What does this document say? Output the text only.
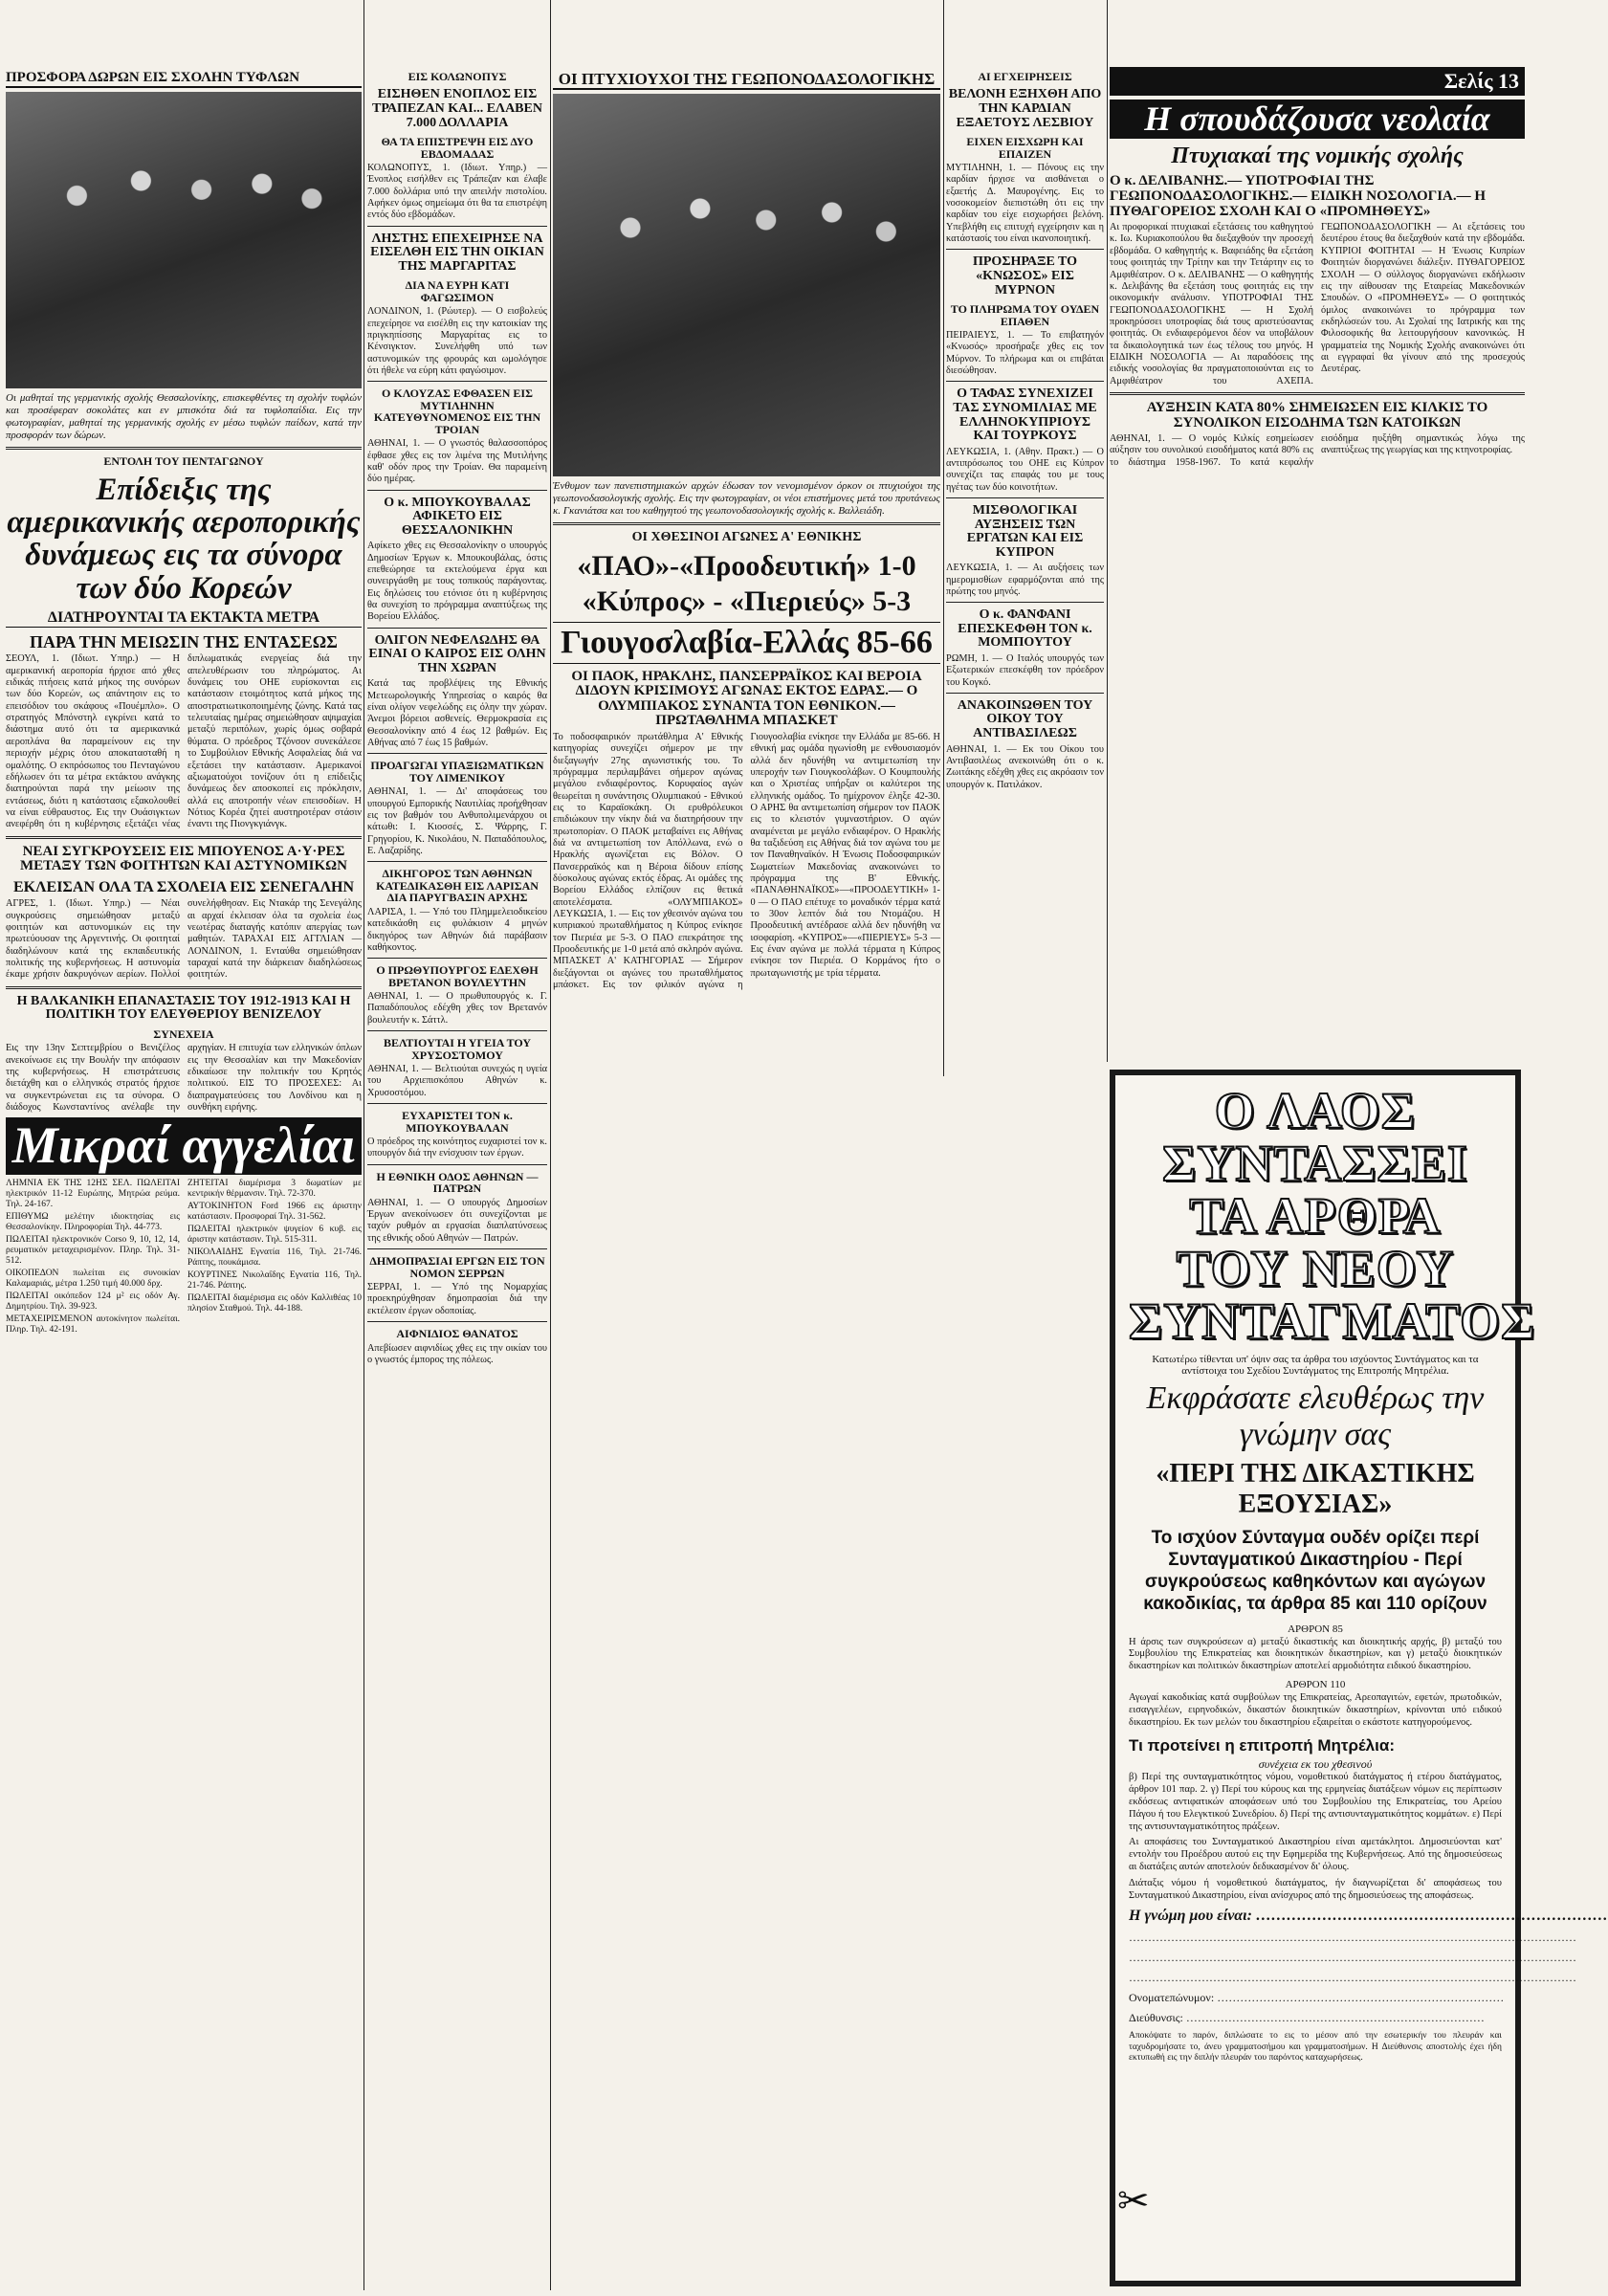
ΠΡΟΣΦΟΡΑ ΔΩΡΩΝ ΕΙΣ ΣΧΟΛΗΝ ΤΥΦΛΩΝ
Οι μαθηταί της γερμανικής σχολής Θεσσαλονίκης, επισκεφθέντες τη σχολήν τυφλών και προσέφεραν σοκολάτες και εν μπισκότα διά τα τυφλοπαίδια. Εις την φωτογραφίαν, μαθηταί της γερμανικής σχολής εν μέσω τυφλών παίδων, κατά την προσφοράν των δώρων.
ΕΝΤΟΛΗ ΤΟΥ ΠΕΝΤΑΓΩΝΟΥ
Επίδειξις της αμερικανικής αεροπορικής δυνάμεως εις τα σύνορα των δύο Κορεών
ΔΙΑΤΗΡΟΥΝΤΑΙ ΤΑ ΕΚΤΑΚΤΑ ΜΕΤΡΑ
ΠΑΡΑ ΤΗΝ ΜΕΙΩΣΙΝ ΤΗΣ ΕΝΤΑΣΕΩΣ

ΣΕΟΥΛ, 1. (Ιδιωτ. Υπηρ.) — Η αμερικανική αεροπορία ήρχισε από χθες ειδικάς πτήσεις κατά μήκος της συνόρων των δύο Κορεών, ως απάντησιν εις το επεισόδιον του σκάφους «Πουέμπλο». Ο στρατηγός Μπόνστηλ εγκρίνει κατά το διάστημα αυτό ότι τα αμερικανικά αεροπλάνα θα παραμείνουν εις την περιοχήν μέχρις ότου αποκατασταθή η ομαλότης. Ο εκπρόσωπος του Πενταγώνου εδήλωσεν ότι τα μέτρα εκτάκτου ανάγκης διατηρούνται παρά την μείωσιν της εντάσεως, διότι η κατάστασις εξακολουθεί να είναι εύθραυστος. Εις την Ουάσιγκτων ανεφέρθη ότι η κυβέρνησις εξετάζει νέας διπλωματικάς ενεργείας διά την απελευθέρωσιν του πληρώματος. Αι δυνάμεις του ΟΗΕ ευρίσκονται εις κατάστασιν ετοιμότητος κατά μήκος της αποστρατιωτικοποιημένης ζώνης. Κατά τας τελευταίας ημέρας σημειώθησαν αψιμαχίαι μεταξύ περιπόλων, χωρίς όμως σοβαρά θύματα. Ο πρόεδρος Τζόνσον συνεκάλεσε το Συμβούλιον Εθνικής Ασφαλείας διά να εξετάσει την κατάστασιν. Αμερικανοί αξιωματούχοι τονίζουν ότι η επίδειξις δυνάμεως δεν αποσκοπεί εις πρόκλησιν, αλλά εις αποτροπήν νέων επεισοδίων. Η Νότιος Κορέα ζητεί αυστηροτέραν στάσιν έναντι της Πιονγκγιάνγκ.

ΝΕΑΙ ΣΥΓΚΡΟΥΣΕΙΣ ΕΙΣ ΜΠΟΥΕΝΟΣ Α·Υ·ΡΕΣ ΜΕΤΑΞΥ ΤΩΝ ΦΟΙΤΗΤΩΝ ΚΑΙ ΑΣΤΥΝΟΜΙΚΩΝ
ΕΚΛΕΙΣΑΝ ΟΛΑ ΤΑ ΣΧΟΛΕΙΑ ΕΙΣ ΣΕΝΕΓΑΛΗΝ

ΑΓΡΕΣ, 1. (Ιδιωτ. Υπηρ.) — Νέαι συγκρούσεις σημειώθησαν μεταξύ φοιτητών και αστυνομικών εις την πρωτεύουσαν της Αργεντινής. Οι φοιτηταί διαδηλώνουν κατά της εκπαιδευτικής πολιτικής της κυβερνήσεως. Η αστυνομία έκαμε χρήσιν δακρυγόνων αερίων. Πολλοί συνελήφθησαν. Εις Ντακάρ της Σενεγάλης αι αρχαί έκλεισαν όλα τα σχολεία έως νεωτέρας διαταγής κατόπιν απεργίας των μαθητών. ΤΑΡΑΧΑΙ ΕΙΣ ΑΓΓΛΙΑΝ — ΛΟΝΔΙΝΟΝ, 1. Ενταύθα σημειώθησαν ταραχαί κατά την διάρκειαν διαδηλώσεως φοιτητών.

Η ΒΑΛΚΑΝΙΚΗ ΕΠΑΝΑΣΤΑΣΙΣ ΤΟΥ 1912-1913 ΚΑΙ Η ΠΟΛΙΤΙΚΗ ΤΟΥ ΕΛΕΥΘΕΡΙΟΥ ΒΕΝΙΖΕΛΟΥ
ΣΥΝΕΧΕΙΑ

Εις την 13ην Σεπτεμβρίου ο Βενιζέλος ανεκοίνωσε εις την Βουλήν την απόφασιν της κυβερνήσεως. Η επιστράτευσις διετάχθη και ο ελληνικός στρατός ήρχισε να συγκεντρώνεται εις τα σύνορα. Ο διάδοχος Κωνσταντίνος ανέλαβε την αρχηγίαν. Η επιτυχία των ελληνικών όπλων εις την Θεσσαλίαν και την Μακεδονίαν εδικαίωσε την πολιτικήν του Κρητός πολιτικού. ΕΙΣ ΤΟ ΠΡΟΣΕΧΕΣ: Αι διαπραγματεύσεις του Λονδίνου και η συνθήκη ειρήνης.

Μικραί αγγελίαι

ΛΗΜΝΙΑ ΕΚ ΤΗΣ 12ΗΣ ΣΕΛ. ΠΩΛΕΙΤΑΙ ηλεκτρικόν 11-12 Ευρώπης, Μητρώα ρεύμα. Τηλ. 24-167.

ΕΠΙΘΥΜΩ μελέτην ιδιοκτησίας εις Θεσσαλονίκην. Πληροφορίαι Τηλ. 44-773.

ΠΩΛΕΙΤΑΙ ηλεκτρονικόν Corso 9, 10, 12, 14, ρευματικόν μεταχειρισμένον. Πληρ. Τηλ. 31-512.

ΟΙΚΟΠΕΔΟΝ πωλείται εις συνοικίαν Καλαμαριάς, μέτρα 1.250 τιμή 40.000 δρχ.

ΠΩΛΕΙΤΑΙ οικόπεδον 124 μ² εις οδόν Αγ. Δημητρίου. Τηλ. 39-923.

ΜΕΤΑΧΕΙΡΙΣΜΕΝΟΝ αυτοκίνητον πωλείται. Πληρ. Τηλ. 42-191.

ΖΗΤΕΙΤΑΙ διαμέρισμα 3 δωματίων με κεντρικήν θέρμανσιν. Τηλ. 72-370.

ΑΥΤΟΚΙΝΗΤΟΝ Ford 1966 εις άριστην κατάστασιν. Προσφοραί Τηλ. 31-562.

ΠΩΛΕΙΤΑΙ ηλεκτρικόν ψυγείον 6 κυβ. εις άριστην κατάστασιν. Τηλ. 515-311.

ΝΙΚΟΛΑΙΔΗΣ Εγνατία 116, Τηλ. 21-746. Ράπτης, πουκάμισα.

ΚΟΥΡΤΙΝΕΣ Νικολαΐδης Εγνατία 116, Τηλ. 21-746. Ράπτης.

ΠΩΛΕΙΤΑΙ διαμέρισμα εις οδόν Καλλιθέας 10 πλησίον Σταθμού. Τηλ. 44-188.

ΕΙΣ ΚΟΛΩΝΟΠΥΣ
ΕΙΣΗΘΕΝ ΕΝΟΠΛΟΣ ΕΙΣ ΤΡΑΠΕΖΑΝ ΚΑΙ... ΕΛΑΒΕΝ 7.000 ΔΟΛΛΑΡΙΑ
ΘΑ ΤΑ ΕΠΙΣΤΡΕΨΗ ΕΙΣ ΔΥΟ ΕΒΔΟΜΑΔΑΣ

ΚΟΛΩΝΟΠΥΣ, 1. (Ιδιωτ. Υπηρ.) — Ένοπλος εισήλθεν εις Τράπεζαν και έλαβε 7.000 δολλάρια υπό την απειλήν πιστολίου. Αφήκεν όμως σημείωμα ότι θα τα επιστρέψη εντός δύο εβδομάδων.

ΛΗΣΤΗΣ ΕΠΕΧΕΙΡΗΣΕ ΝΑ ΕΙΣΕΛΘΗ ΕΙΣ ΤΗΝ ΟΙΚΙΑΝ ΤΗΣ ΜΑΡΓΑΡΙΤΑΣ
ΔΙΑ ΝΑ ΕΥΡΗ ΚΑΤΙ ΦΑΓΩΣΙΜΟΝ

ΛΟΝΔΙΝΟΝ, 1. (Ρώυτερ). — Ο εισβολεύς επεχείρησε να εισέλθη εις την κατοικίαν της πριγκηπίσσης Μαργαρίτας εις το Κένσιγκτον. Συνελήφθη υπό των αστυνομικών της φρουράς και ωμολόγησε ότι ήθελε να εύρη κάτι φαγώσιμον.

Ο ΚΛΟΥΖΑΣ ΕΦΘΑΣΕΝ ΕΙΣ ΜΥΤΙΛΗΝΗΝ ΚΑΤΕΥΘΥΝΟΜΕΝΟΣ ΕΙΣ ΤΗΝ ΤΡΟΙΑΝ

ΑΘΗΝΑΙ, 1. — Ο γνωστός θαλασσοπόρος έφθασε χθες εις τον λιμένα της Μυτιλήνης καθ' οδόν προς την Τροίαν. Θα παραμείνη δύο ημέρας.

Ο κ. ΜΠΟΥΚΟΥΒΑΛΑΣ ΑΦΙΚΕΤΟ ΕΙΣ ΘΕΣΣΑΛΟΝΙΚΗΝ

Αφίκετο χθες εις Θεσσαλονίκην ο υπουργός Δημοσίων Έργων κ. Μπουκουβάλας, όστις επεθεώρησε τα εκτελούμενα έργα και συνειργάσθη με τους τοπικούς παράγοντας. Εις δηλώσεις του ετόνισε ότι η κυβέρνησις θα συνεχίση το πρόγραμμα αναπτύξεως της Βορείου Ελλάδος.

ΟΛΙΓΟΝ ΝΕΦΕΛΩΔΗΣ ΘΑ ΕΙΝΑΙ Ο ΚΑΙΡΟΣ ΕΙΣ ΟΛΗΝ ΤΗΝ ΧΩΡΑΝ

Κατά τας προβλέψεις της Εθνικής Μετεωρολογικής Υπηρεσίας ο καιρός θα είναι ολίγον νεφελώδης εις όλην την χώραν. Άνεμοι βόρειοι ασθενείς. Θερμοκρασία εις Θεσσαλονίκην από 4 έως 12 βαθμών. Εις Αθήνας από 7 έως 15 βαθμών.

ΠΡΟΑΓΩΓΑΙ ΥΠΑΞΙΩΜΑΤΙΚΩΝ ΤΟΥ ΛΙΜΕΝΙΚΟΥ

ΑΘΗΝΑΙ, 1. — Δι' αποφάσεως του υπουργού Εμπορικής Ναυτιλίας προήχθησαν εις τον βαθμόν του Ανθυπολιμενάρχου οι κάτωθι: Ι. Κιοσσές, Σ. Ψάρρης, Γ. Γρηγορίου, Κ. Νικολάου, Ν. Παπαδόπουλος, Ε. Λαζαρίδης.

ΔΙΚΗΓΟΡΟΣ ΤΩΝ ΑΘΗΝΩΝ ΚΑΤΕΔΙΚΑΣΘΗ ΕΙΣ ΛΑΡΙΣΑΝ ΔΙΑ ΠΑΡΥΓΒΑΣΙΝ ΑΡΧΗΣ

ΛΑΡΙΣΑ, 1. — Υπό του Πλημμελειοδικείου κατεδικάσθη εις φυλάκισιν 4 μηνών δικηγόρος των Αθηνών διά παράβασιν καθήκοντος.

Ο ΠΡΩΘΥΠΟΥΡΓΟΣ ΕΔΕΧΘΗ ΒΡΕΤΑΝΟΝ ΒΟΥΛΕΥΤΗΝ

ΑΘΗΝΑΙ, 1. — Ο πρωθυπουργός κ. Γ. Παπαδόπουλος εδέχθη χθες τον Βρετανόν βουλευτήν κ. Σάττλ.

ΒΕΛΤΙΟΥΤΑΙ Η ΥΓΕΙΑ ΤΟΥ ΧΡΥΣΟΣΤΟΜΟΥ

ΑΘΗΝΑΙ, 1. — Βελτιούται συνεχώς η υγεία του Αρχιεπισκόπου Αθηνών κ. Χρυσοστόμου.

ΕΥΧΑΡΙΣΤΕΙ ΤΟΝ κ. ΜΠΟΥΚΟΥΒΑΛΑΝ

Ο πρόεδρος της κοινότητος ευχαριστεί τον κ. υπουργόν διά την ενίσχυσιν των έργων.

Η ΕΘΝΙΚΗ ΟΔΟΣ ΑΘΗΝΩΝ — ΠΑΤΡΩΝ

ΑΘΗΝΑΙ, 1. — Ο υπουργός Δημοσίων Έργων ανεκοίνωσεν ότι συνεχίζονται με ταχύν ρυθμόν αι εργασίαι διαπλατύνσεως της εθνικής οδού Αθηνών — Πατρών.

ΔΗΜΟΠΡΑΣΙΑΙ ΕΡΓΩΝ ΕΙΣ ΤΟΝ ΝΟΜΟΝ ΣΕΡΡΩΝ

ΣΕΡΡΑΙ, 1. — Υπό της Νομαρχίας προεκηρύχθησαν δημοπρασίαι διά την εκτέλεσιν έργων οδοποιίας.

ΑΙΦΝΙΔΙΟΣ ΘΑΝΑΤΟΣ

Απεβίωσεν αιφνιδίως χθες εις την οικίαν του ο γνωστός έμπορος της πόλεως.

ΟΙ ΠΤΥΧΙΟΥΧΟΙ ΤΗΣ ΓΕΩΠΟΝΟΔΑΣΟΛΟΓΙΚΗΣ
Ένθυμον των πανεπιστημιακών αρχών έδωσαν τον νενομισμένον όρκον οι πτυχιούχοι της γεωπονοδασολογικής σχολής. Εις την φωτογραφίαν, οι νέοι επιστήμονες μετά του πρυτάνεως κ. Γκανιάτσα και του καθηγητού της γεωπονοδασολογικής σχολής κ. Βαλλειάδη.
ΟΙ ΧΘΕΣΙΝΟΙ ΑΓΩΝΕΣ Α' ΕΘΝΙΚΗΣ
«ΠΑΟ»-«Προοδευτική» 1-0
«Κύπρος» - «Πιεριεύς» 5-3
Γιουγοσλαβία-Ελλάς 85-66
ΟΙ ΠΑΟΚ, ΗΡΑΚΛΗΣ, ΠΑΝΣΕΡΡΑΪΚΟΣ ΚΑΙ ΒΕΡΟΙΑ ΔΙΔΟΥΝ ΚΡΙΣΙΜΟΥΣ ΑΓΩΝΑΣ ΕΚΤΟΣ ΕΔΡΑΣ.— Ο ΟΛΥΜΠΙΑΚΟΣ ΣΥΝΑΝΤΑ ΤΟΝ ΕΘΝΙΚΟΝ.— ΠΡΩΤΑΘΛΗΜΑ ΜΠΑΣΚΕΤ

Το ποδοσφαιρικόν πρωτάθλημα Α' Εθνικής κατηγορίας συνεχίζει σήμερον με την διεξαγωγήν 27ης αγωνιστικής του. Το πρόγραμμα περιλαμβάνει σήμερον αγώνας μεγάλου ενδιαφέροντος. Κορυφαίος αγών θεωρείται η συνάντησις Ολυμπιακού - Εθνικού εις το Καραϊσκάκη. Οι ερυθρόλευκοι επιδιώκουν την νίκην διά να διατηρήσουν την πρωτοπορίαν. Ο ΠΑΟΚ μεταβαίνει εις Αθήνας διά να αντιμετωπίση τον Απόλλωνα, ενώ ο Ηρακλής αγωνίζεται εις Βόλον. Ο Πανσερραϊκός και η Βέροια δίδουν επίσης δύσκολους αγώνας εκτός έδρας. Αι ομάδες της Βορείου Ελλάδος ελπίζουν εις θετικά αποτελέσματα. «ΟΛΥΜΠΙΑΚΟΣ» ΛΕΥΚΩΣΙΑ, 1. — Εις τον χθεσινόν αγώνα του κυπριακού πρωταθλήματος η Κύπρος ενίκησε τον Πιεριέα με 5-3. Ο ΠΑΟ επεκράτησε της Προοδευτικής με 1-0 μετά από σκληρόν αγώνα. ΜΠΑΣΚΕΤ Α' ΚΑΤΗΓΟΡΙΑΣ — Σήμερον διεξάγονται οι αγώνες του πρωταθλήματος μπάσκετ. Εις τον φιλικόν αγώνα η Γιουγοσλαβία ενίκησε την Ελλάδα με 85-66. Η εθνική μας ομάδα ηγωνίσθη με ενθουσιασμόν αλλά δεν ηδυνήθη να αντιμετωπίση την υπεροχήν των Γιουγκοσλάβων. Ο Κουμπουλής και ο Χριστέας υπήρξαν οι καλύτεροι της ελληνικής ομάδος. Το ημίχρονον έληξε 42-30. Ο ΑΡΗΣ θα αντιμετωπίση σήμερον τον ΠΑΟΚ εις το κλειστόν γυμναστήριον. Ο αγών αναμένεται με μεγάλο ενδιαφέρον. Ο Ηρακλής θα ταξιδεύση εις Αθήνας διά τον αγώνα του με τον Παναθηναϊκόν. Η Ένωσις Ποδοσφαιρικών Σωματείων Μακεδονίας ανακοινώνει το πρόγραμμα της Β' Εθνικής. «ΠΑΝΑΘΗΝΑΪΚΟΣ»—«ΠΡΟΟΔΕΥΤΙΚΗ» 1-0 — Ο ΠΑΟ επέτυχε το μοναδικόν τέρμα κατά το 30ον λεπτόν διά του Ντομάζου. Η Προοδευτική αντέδρασε αλλά δεν ηδυνήθη να ισοφαρίση. «ΚΥΠΡΟΣ»—«ΠΙΕΡΙΕΥΣ» 5-3 — Εις έναν αγώνα με πολλά τέρματα η Κύπρος ενίκησε τον Πιεριέα. Ο Κορμάνος ήτο ο πρωταγωνιστής με τρία τέρματα.

ΑΙ ΕΓΧΕΙΡΗΣΕΙΣ
ΒΕΛΟΝΗ ΕΞΗΧΘΗ ΑΠΟ ΤΗΝ ΚΑΡΔΙΑΝ ΕΞΑΕΤΟΥΣ ΛΕΣΒΙΟΥ
ΕΙΧΕΝ ΕΙΣΧΩΡΗ ΚΑΙ ΕΠΑΙΖΕΝ

ΜΥΤΙΛΗΝΗ, 1. — Πόνους εις την καρδίαν ήρχισε να αισθάνεται ο εξαετής Δ. Μαυρογένης. Εις το νοσοκομείον διεπιστώθη ότι εις την καρδίαν του είχε εισχωρήσει βελόνη. Υπεβλήθη εις επιτυχή εγχείρησιν και η κατάστασίς του είναι ικανοποιητική.

ΠΡΟΣΗΡΑΞΕ ΤΟ «ΚΝΩΣΟΣ» ΕΙΣ ΜΥΡΝΟΝ
ΤΟ ΠΛΗΡΩΜΑ ΤΟΥ ΟΥΔΕΝ ΕΠΑΘΕΝ

ΠΕΙΡΑΙΕΥΣ, 1. — Το επιβατηγόν «Κνωσός» προσήραξε χθες εις τον Μύρνον. Το πλήρωμα και οι επιβάται διεσώθησαν.

Ο ΤΑΦΑΣ ΣΥΝΕΧΙΖΕΙ ΤΑΣ ΣΥΝΟΜΙΛΙΑΣ ΜΕ ΕΛΛΗΝΟΚΥΠΡΙΟΥΣ ΚΑΙ ΤΟΥΡΚΟΥΣ

ΛΕΥΚΩΣΙΑ, 1. (Αθην. Πρακτ.) — Ο αντιπρόσωπος του ΟΗΕ εις Κύπρον συνεχίζει τας επαφάς του με τους ηγέτας των δύο κοινοτήτων.

ΜΙΣΘΟΛΟΓΙΚΑΙ ΑΥΞΗΣΕΙΣ ΤΩΝ ΕΡΓΑΤΩΝ ΚΑΙ ΕΙΣ ΚΥΠΡΟΝ

ΛΕΥΚΩΣΙΑ, 1. — Αι αυξήσεις των ημερομισθίων εφαρμόζονται από της πρώτης του μηνός.

Ο κ. ΦΑΝΦΑΝΙ ΕΠΕΣΚΕΦΘΗ ΤΟΝ κ. ΜΟΜΠΟΥΤΟΥ

ΡΩΜΗ, 1. — Ο Ιταλός υπουργός των Εξωτερικών επεσκέφθη τον πρόεδρον του Κογκό.

ΑΝΑΚΟΙΝΩΘΕΝ ΤΟΥ ΟΙΚΟΥ ΤΟΥ ΑΝΤΙΒΑΣΙΛΕΩΣ

ΑΘΗΝΑΙ, 1. — Εκ του Οίκου του Αντιβασιλέως ανεκοινώθη ότι ο κ. Ζωιτάκης εδέχθη χθες εις ακρόασιν τον υπουργόν κ. Πατιλάκον.

Σελίς 13
Η σπουδάζουσα νεολαία
Πτυχιακαί της νομικής σχολής
Ο κ. ΔΕΛΙΒΑΝΗΣ.— ΥΠΟΤΡΟΦΙΑΙ ΤΗΣ ΓΕΩΠΟΝΟΔΑΣΟΛΟΓΙΚΗΣ.— ΕΙΔΙΚΗ ΝΟΣΟΛΟΓΙΑ.— Η ΠΥΘΑΓΟΡΕΙΟΣ ΣΧΟΛΗ ΚΑΙ Ο «ΠΡΟΜΗΘΕΥΣ»

Αι προφορικαί πτυχιακαί εξετάσεις του καθηγητού κ. Ιω. Κυριακοπούλου θα διεξαχθούν την προσεχή εβδομάδα. Ο καθηγητής κ. Βαφειάδης θα εξετάση τους φοιτητάς την Τρίτην και την Τετάρτην εις το Αμφιθέατρον. Ο κ. ΔΕΛΙΒΑΝΗΣ — Ο καθηγητής κ. Δελιβάνης θα εξετάση τους φοιτητάς εις την οικονομικήν ανάλυσιν. ΥΠΟΤΡΟΦΙΑΙ ΤΗΣ ΓΕΩΠΟΝΟΔΑΣΟΛΟΓΙΚΗΣ — Η Σχολή προκηρύσσει υποτροφίας διά τους αριστεύσαντας φοιτητάς. Οι ενδιαφερόμενοι δέον να υποβάλουν τα δικαιολογητικά των έως τέλους του μηνός. Η ΕΙΔΙΚΗ ΝΟΣΟΛΟΓΙΑ — Αι παραδόσεις της ειδικής νοσολογίας θα πραγματοποιούνται εις το Αμφιθέατρον του ΑΧΕΠΑ. ΓΕΩΠΟΝΟΔΑΣΟΛΟΓΙΚΗ — Αι εξετάσεις του δευτέρου έτους θα διεξαχθούν κατά την εβδομάδα. ΚΥΠΡΙΟΙ ΦΟΙΤΗΤΑΙ — Η Ένωσις Κυπρίων Φοιτητών διοργανώνει διάλεξιν. ΠΥΘΑΓΟΡΕΙΟΣ ΣΧΟΛΗ — Ο σύλλογος διοργανώνει εκδήλωσιν εις την αίθουσαν της Εταιρείας Μακεδονικών Σπουδών. Ο «ΠΡΟΜΗΘΕΥΣ» — Ο φοιτητικός όμιλος ανακοινώνει το πρόγραμμα των εκδηλώσεών του. Αι Σχολαί της Ιατρικής και της Φιλοσοφικής θα λειτουργήσουν κανονικώς. Η γραμματεία της Νομικής Σχολής ανακοινώνει ότι αι εγγραφαί θα γίνουν από της προσεχούς Δευτέρας.

ΑΥΞΗΣΙΝ ΚΑΤΑ 80% ΣΗΜΕΙΩΣΕΝ ΕΙΣ ΚΙΛΚΙΣ ΤΟ ΣΥΝΟΛΙΚΟΝ ΕΙΣΟΔΗΜΑ ΤΩΝ ΚΑΤΟΙΚΩΝ

ΑΘΗΝΑΙ, 1. — Ο νομός Κιλκίς εσημείωσεν αύξησιν του συνολικού εισοδήματος κατά 80% εις το διάστημα 1958-1967. Το κατά κεφαλήν εισόδημα ηυξήθη σημαντικώς λόγω της αναπτύξεως της γεωργίας και της κτηνοτροφίας.

Ο ΛΑΟΣ ΣΥΝΤΑΣΣΕΙ ΤΑ ΑΡΘΡΑ ΤΟΥ ΝΕΟΥ ΣΥΝΤΑΓΜΑΤΟΣ
Κατωτέρω τίθενται υπ' όψιν σας τα άρθρα του ισχύοντος Συντάγματος και τα αντίστοιχα του Σχεδίου Συντάγματος της Επιτροπής Μητρέλια.
Εκφράσατε ελευθέρως την γνώμην σας
«ΠΕΡΙ ΤΗΣ ΔΙΚΑΣΤΙΚΗΣ ΕΞΟΥΣΙΑΣ»
Το ισχύον Σύνταγμα ουδέν ορίζει περί Συνταγματικού Δικαστηρίου - Περί συγκρούσεως καθηκόντων και αγώγων κακοδικίας, τα άρθρα 85 και 110 ορίζουν
ΑΡΘΡΟΝ 85

Η άρσις των συγκρούσεων α) μεταξύ δικαστικής και διοικητικής αρχής, β) μεταξύ του Συμβουλίου της Επικρατείας και διοικητικών δικαστηρίων, και γ) μεταξύ διοικητικών δικαστηρίων και πολιτικών δικαστηρίων αποτελεί αρμοδιότητα ειδικού δικαστηρίου.

ΑΡΘΡΟΝ 110

Αγωγαί κακοδικίας κατά συμβούλων της Επικρατείας, Αρεοπαγιτών, εφετών, πρωτοδικών, εισαγγελέων, ειρηνοδικών, δικαστών διοικητικών δικαστηρίων, κρίνονται υπό ειδικού δικαστηρίου. Εκ των μελών του δικαστηρίου εξαιρείται ο εκάστοτε κατηγορούμενος.

Τι προτείνει η επιτροπή Μητρέλια:
συνέχεια εκ του χθεσινού

β) Περί της συνταγματικότητος νόμου, νομοθετικού διατάγματος ή ετέρου διατάγματος, άρθρον 101 παρ. 2. γ) Περί του κύρους και της ερμηνείας διατάξεων νόμων εις περίπτωσιν εκδόσεως αντιφατικών αποφάσεων υπό του Συμβουλίου της Επικρατείας, του Αρείου Πάγου ή του Ελεγκτικού Συνεδρίου. δ) Περί της αντισυνταγματικότητος κομμάτων. ε) Περί της αντισυνταγματικότητος πράξεων.

Αι αποφάσεις του Συνταγματικού Δικαστηρίου είναι αμετάκλητοι. Δημοσιεύονται κατ' εντολήν του Προέδρου αυτού εις την Εφημερίδα της Κυβερνήσεως. Από της δημοσιεύσεως αι διατάξεις αυτών αποτελούν δεδικασμένον δι' όλους.

Διάταξις νόμου ή νομοθετικού διατάγματος, ήν διαγνωρίζεται δι' αποφάσεως του Συνταγματικού Δικαστηρίου, είναι ανίσχυρος από της δημοσιεύσεως της αποφάσεως.

Η γνώμη μου είναι: ……………………………………………………………
………………………………………………………………………………………………………
………………………………………………………………………………………………………
………………………………………………………………………………………………………
Ονοματεπώνυμον: …………………………………………………………………
Διεύθυνσις: ……………………………………………………………………

Αποκόψατε το παρόν, διπλώσατε το εις το μέσον από την εσωτερικήν του πλευράν και ταχυδρομήσατε το, άνευ γραμματοσήμου και γραμματοσήμων. Η Διεύθυνσις αποστολής έχει ήδη εκτυπωθή εις την διπλήν πλευράν του παρόντος καταχωρήσεως.

✂
